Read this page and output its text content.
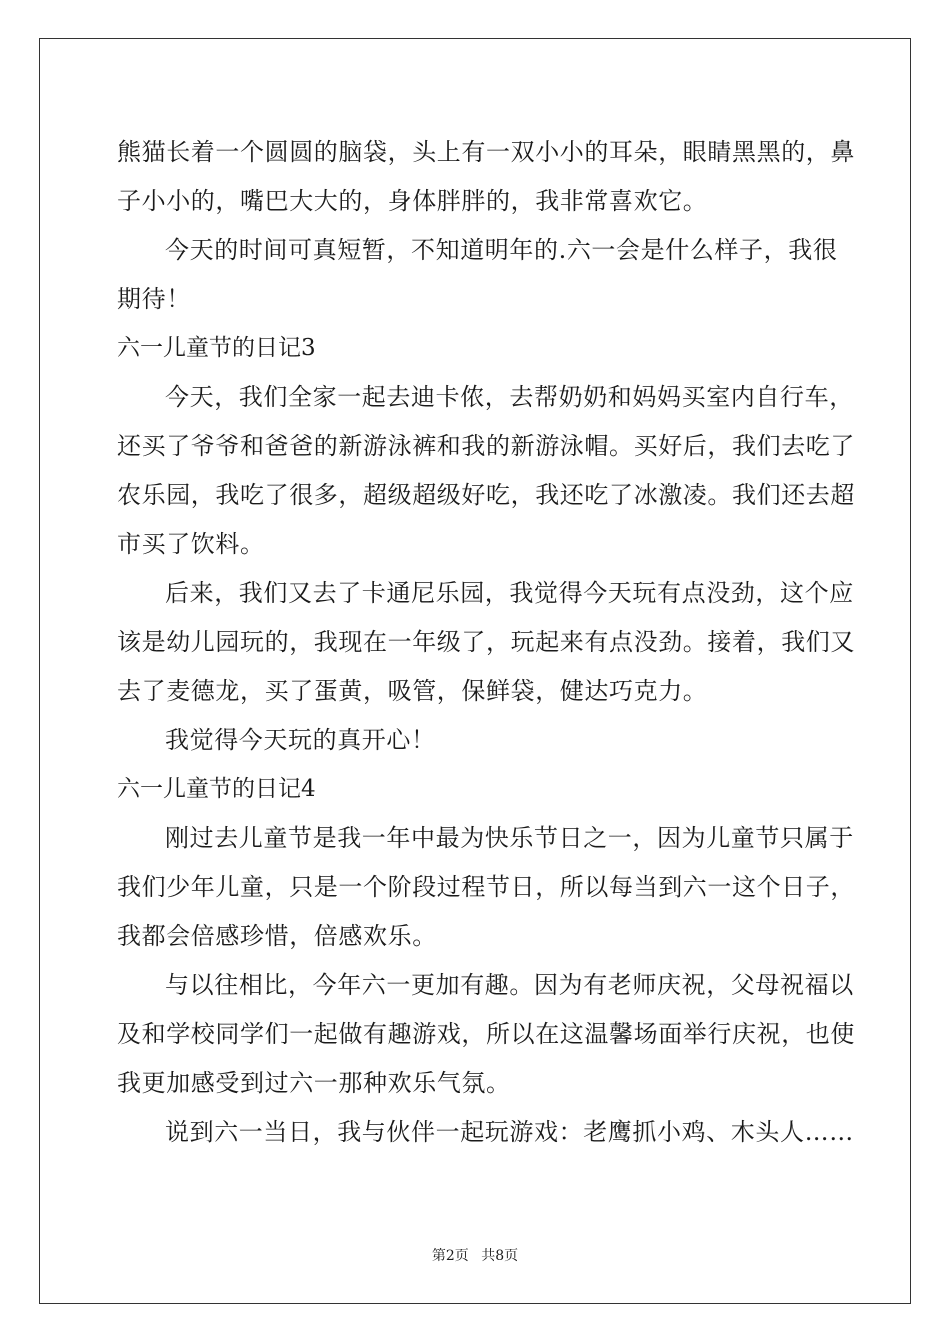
熊猫长着一个圆圆的脑袋，头上有一双小小的耳朵，眼睛黑黑的，鼻

子小小的，嘴巴大大的，身体胖胖的，我非常喜欢它。

今天的时间可真短暂，不知道明年的.六一会是什么样子，我很

期待！

六一儿童节的日记3

今天，我们全家一起去迪卡侬，去帮奶奶和妈妈买室内自行车，

还买了爷爷和爸爸的新游泳裤和我的新游泳帽。买好后，我们去吃了

农乐园，我吃了很多，超级超级好吃，我还吃了冰激凌。我们还去超

市买了饮料。

后来，我们又去了卡通尼乐园，我觉得今天玩有点没劲，这个应

该是幼儿园玩的，我现在一年级了，玩起来有点没劲。接着，我们又

去了麦德龙，买了蛋黄，吸管，保鲜袋，健达巧克力。

我觉得今天玩的真开心！

六一儿童节的日记4

刚过去儿童节是我一年中最为快乐节日之一，因为儿童节只属于

我们少年儿童，只是一个阶段过程节日，所以每当到六一这个日子，

我都会倍感珍惜，倍感欢乐。

与以往相比，今年六一更加有趣。因为有老师庆祝，父母祝福以

及和学校同学们一起做有趣游戏，所以在这温馨场面举行庆祝，也使

我更加感受到过六一那种欢乐气氛。

说到六一当日，我与伙伴一起玩游戏：老鹰抓小鸡、木头人……

第2页 共8页
